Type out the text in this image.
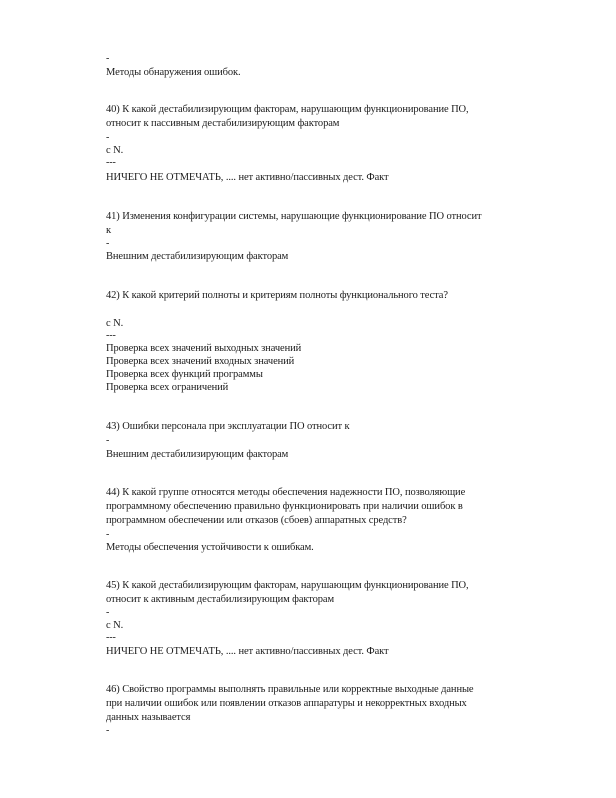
-
Методы обнаружения ошибок.
40) К какой дестабилизирующим факторам, нарушающим функционирование ПО,
относит к пассивным дестабилизирующим факторам
-
c N.
---
НИЧЕГО НЕ ОТМЕЧАТЬ, .... нет активно/пассивных дест. Факт
41) Изменения конфигурации системы, нарушающие функционирование ПО относит
к
-
Внешним дестабилизирующим факторам
42) К какой критерий полноты и критериям полноты функционального теста?
c N.
---
Проверка всех значений выходных значений
Проверка всех значений входных значений
Проверка всех функций программы
Проверка всех ограничений
43) Ошибки персонала при эксплуатации ПО относит к
-
Внешним дестабилизирующим факторам
44) К какой группе относятся методы обеспечения надежности ПО, позволяющие
программному обеспечению правильно функционировать при наличии ошибок в
программном обеспечении или отказов (сбоев) аппаратных средств?
-
Методы обеспечения устойчивости к ошибкам.
45) К какой дестабилизирующим факторам, нарушающим функционирование ПО,
относит к активным дестабилизирующим факторам
-
c N.
---
НИЧЕГО НЕ ОТМЕЧАТЬ, .... нет активно/пассивных дест. Факт
46) Свойство программы выполнять правильные или корректные выходные данные
при наличии ошибок или появлении отказов аппаратуры и некорректных входных
данных называется
-
